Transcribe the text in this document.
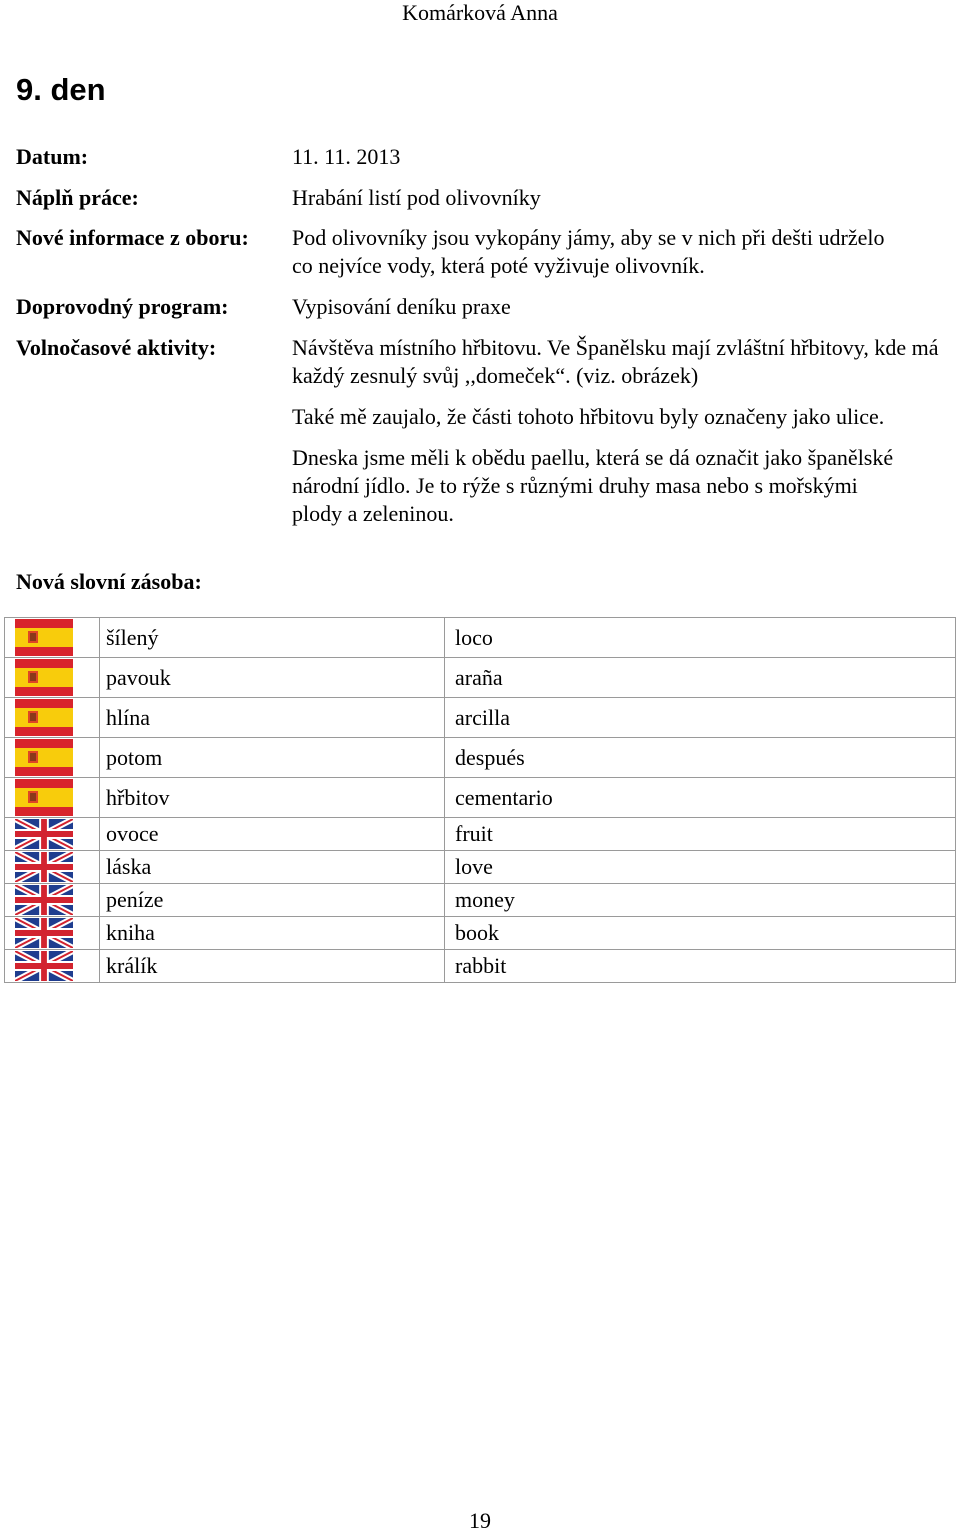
Komárková Anna
9. den
Datum:	11. 11. 2013
Náplň práce:	Hrabání listí pod olivovníky
Nové informace z oboru:	Pod olivovníky jsou vykopány jámy, aby se v nich při dešti udrželo co nejvíce vody, která poté vyživuje olivovník.
Doprovodný program:	Vypisování deníku praxe
Volnočasové aktivity:	Návštěva místního hřbitovu. Ve Španělsku mají zvláštní hřbitovy, kde má každý zesnulý svůj ,,domeček“. (viz. obrázek)

Také mě zaujalo, že části tohoto hřbitovu byly označeny jako ulice.

Dneska jsme měli k obědu paellu, která se dá označit jako španělské národní jídlo. Je to rýže s různými druhy masa nebo s mořskými plody a zeleninou.

Nová slovní zásoba:
	šílený	loco

	pavouk	araña

	hlína	arcilla

	potom	después

	hřbitov	cementario

	ovoce	fruit

	láska	love

	peníze	money

	kniha	book

	králík	rabbit
19
